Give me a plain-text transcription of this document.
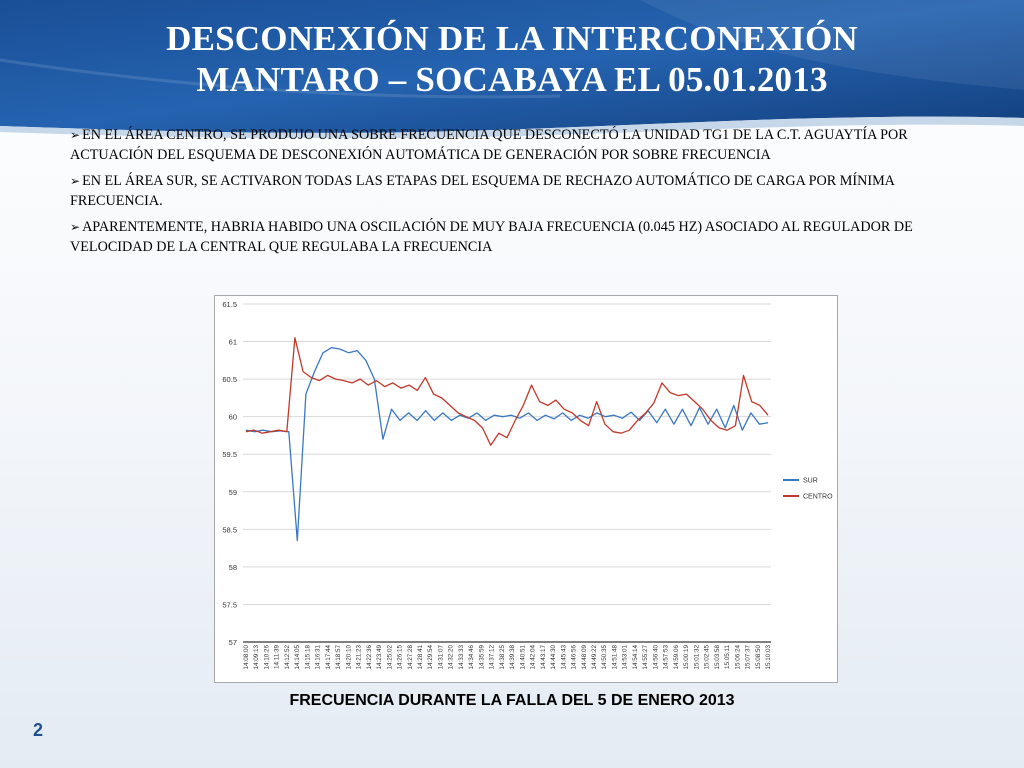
DESCONEXIÓN DE LA INTERCONEXIÓN
MANTARO – SOCABAYA EL 05.01.2013
➢ EN EL ÁREA CENTRO, SE PRODUJO UNA SOBRE FRECUENCIA QUE DESCONECTÓ LA UNIDAD TG1 DE LA C.T. AGUAYTÍA POR ACTUACIÓN DEL ESQUEMA DE DESCONEXIÓN AUTOMÁTICA DE GENERACIÓN POR SOBRE FRECUENCIA
➢ EN EL ÁREA SUR, SE ACTIVARON TODAS LAS ETAPAS DEL ESQUEMA DE RECHAZO AUTOMÁTICO DE CARGA POR MÍNIMA FRECUENCIA.
➢ APARENTEMENTE, HABRIA HABIDO UNA OSCILACIÓN DE MUY BAJA FRECUENCIA (0.045 HZ) ASOCIADO AL REGULADOR DE VELOCIDAD DE LA CENTRAL QUE REGULABA LA FRECUENCIA
61.5
61
60.5
60
59.5
59
58.5
58
57.5
57
14:08:00 14:09:13 14:10:26 14:11:39 14:12:52 14:14:05 14:15:18 14:16:31 14:17:44 14:18:57 14:20:10 14:21:23 14:22:36 14:23:49 14:25:02 14:26:15 14:27:28 14:28:41 14:29:54 14:31:07 14:32:20 14:33:33 14:34:46 14:35:59 14:37:12 14:38:25 14:39:38 14:40:51 14:42:04 14:43:17 14:44:30 14:45:43 14:46:56 14:48:09 14:49:22 14:50:35 14:51:48 14:53:01 14:54:14 14:55:27 14:56:40 14:57:53 14:59:06 15:00:19 15:01:32 15:02:45 15:03:58 15:05:11 15:06:24 15:07:37 15:08:50 15:10:03
SUR
CENTRO
FRECUENCIA DURANTE LA FALLA DEL 5 DE ENERO 2013
2
